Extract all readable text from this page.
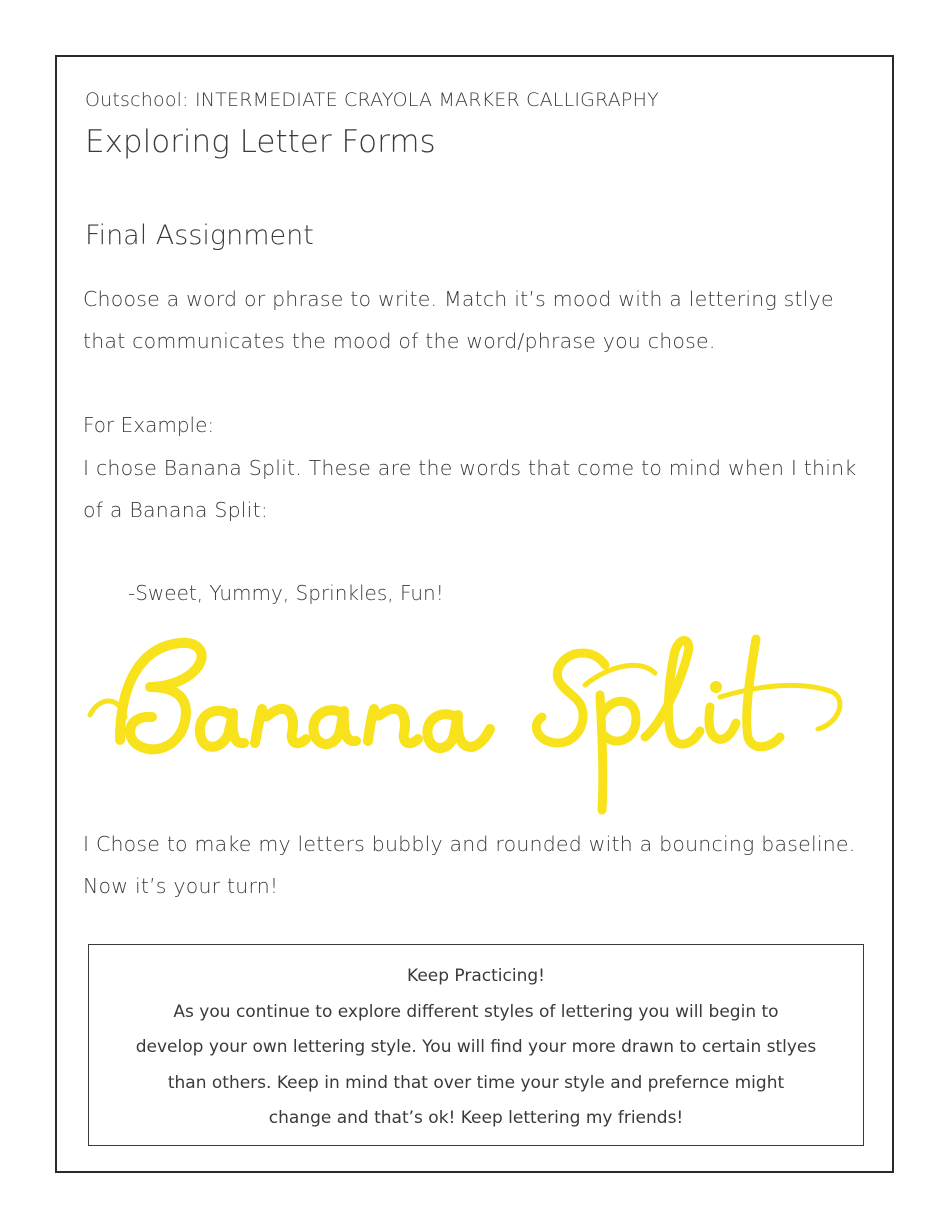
Outschool: INTERMEDIATE CRAYOLA MARKER CALLIGRAPHY
Exploring Letter Forms
Final Assignment
Choose a word or phrase to write. Match it’s mood with a lettering stlye
that communicates the mood of the word/phrase you chose.
For Example:
I chose Banana Split. These are the words that come to mind when I think
of a Banana Split:
-Sweet, Yummy, Sprinkles, Fun!
I Chose to make my letters bubbly and rounded with a bouncing baseline.
Now it’s your turn!
Keep Practicing!
As you continue to explore different styles of lettering you will begin to
develop your own lettering style. You will find your more drawn to certain stlyes
than others. Keep in mind that over time your style and prefernce might
change and that’s ok! Keep lettering my friends!
